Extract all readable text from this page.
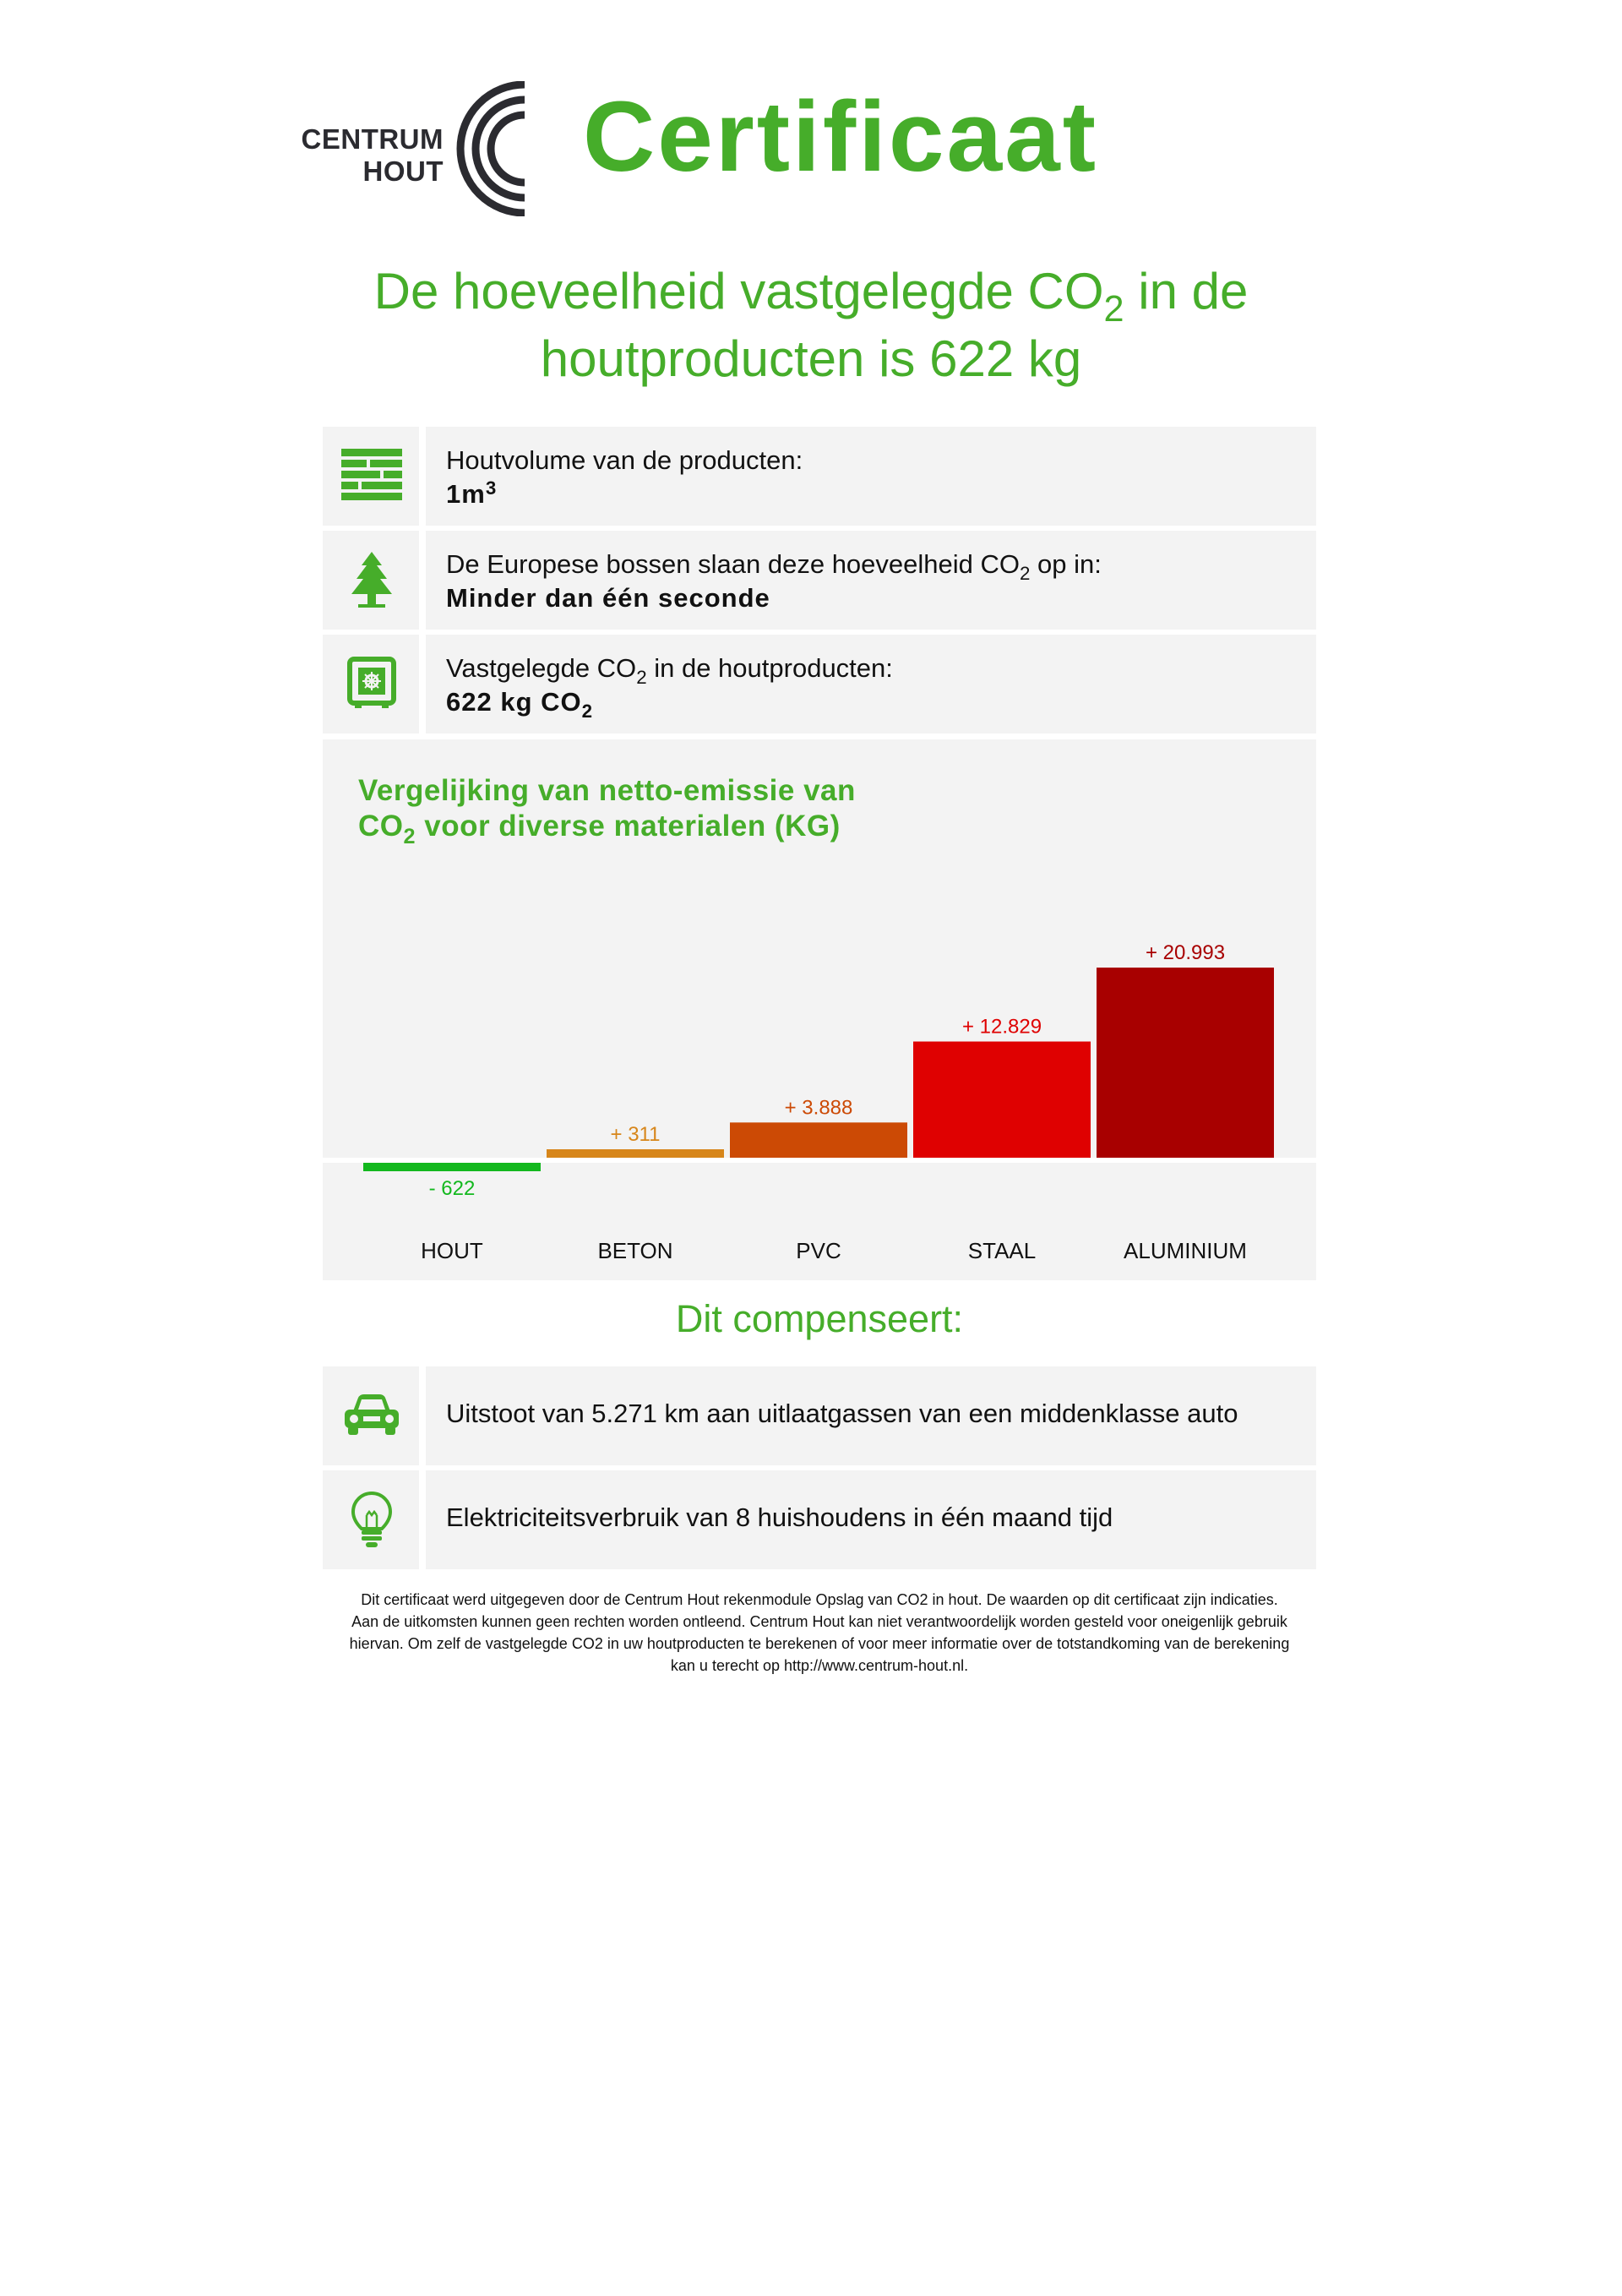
CENTRUM
HOUT Certificaat
De hoeveelheid vastgelegde $CO_2$ in de
houtproducten is 622 kg
Houtvolume van de producten:
$1m^3$
De Europese bossen slaan deze hoeveelheid $CO_2$ op in:
Minder dan één seconde
Vastgelegde $CO_2$ in de houtproducten:
622 kg $CO_2$
Vergelijking van netto-emissie van
$CO_2$ voor diverse materialen (KG)
- 622
HOUT
+ 311
BETON
+ 3.888
PVC
+ 12.829
STAAL
+ 20.993
ALUMINIUM
Dit compenseert:
Uitstoot van 5.271 km aan uitlaatgassen van een middenklasse auto
Elektriciteitsverbruik van 8 huishoudens in één maand tijd
Dit certificaat werd uitgegeven door de Centrum Hout rekenmodule Opslag van CO2 in hout. De waarden op dit certificaat zijn indicaties.
Aan de uitkomsten kunnen geen rechten worden ontleend. Centrum Hout kan niet verantwoordelijk worden gesteld voor oneigenlijk gebruik
hiervan. Om zelf de vastgelegde CO2 in uw houtproducten te berekenen of voor meer informatie over de totstandkoming van de berekening
kan u terecht op http://www.centrum-hout.nl.
